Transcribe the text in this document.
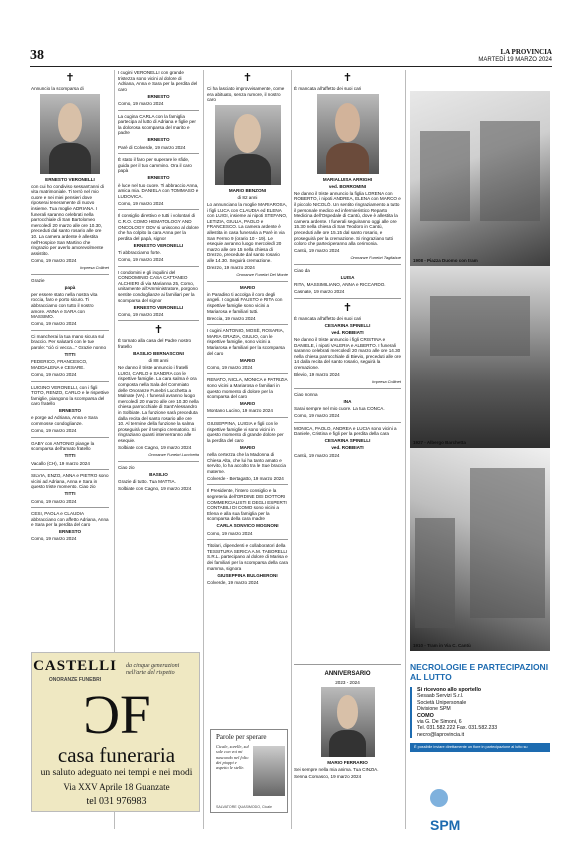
38	LA PROVINCIA
MARTEDÌ 19 MARZO 2024
✝

Annuncio la scomparsa di

ERNESTO VERONELLI

con cui ho condiviso sessant'anni di vita matrimoniale. Ti terrò nel mio cuore e nei miei pensieri dove riposerai teneramente di nuovo insieme. Tua moglie ADRIANA. I funerali saranno celebrati nella parrocchiale di San Bartolomeo mercoledì 20 marzo alle ore 10.30, preceduti dal santo rosario alle ore 10. La camera ardente è allestita nell'Hospice San Martino che ringrazio per averlo amorevolmente assistito.

Como, 19 marzo 2024

Impresa Collinet

Grazie

papà

per essere stato nella nostra vita roccia, faro e porto sicuro. Ti abbracciamo con tutto il nostro amore. ANNA e SARA con MASSIMO.

Como, 19 marzo 2024

Ci mancherai la tua mano sicura sul braccio. Per salutarti con le tue parole: "ciò ci vecca..." Grazie nonno

TITTI

FEDERICO, FRANCESCO, MADDALENA e CESARE.

Como, 19 marzo 2024

LUIGINO VERONELLI, con i figli TOTO, RENZO, CARLO e le rispettive famiglie, piangono la scomparsa del caro fratello

ERNESTO

e porge ad Adriana, Anna e Sara commosse condoglianze.

Como, 19 marzo 2024

GABY con ANTONIO piange la scomparsa dell'amato fratello

TITTI

Vacallo (CH), 19 marzo 2024

SILVIA, ENZO, ANNA e PIETRO sono vicini ad Adriana, Anna e Sara in questo triste momento. Ciao zio

TITTI

Como, 19 marzo 2024

CESI, PAOLA e CLAUDIA abbracciano con affetto Adriana, Anna e Sara per la perdita del caro

ERNESTO

Como, 19 marzo 2024

I cugini VERONELLI con grande tristezza sono vicini al dolore di Adriana, Anna e Sara per la perdita del caro

ERNESTO

Como, 19 marzo 2024

La cugina CARLA con la famiglia partecipa al lutto di Adriana e figlie per la dolorosa scomparsa del marito e padre

ERNESTO

Parè di Colverde, 19 marzo 2024

È stato il faro per superare le sfide, guida per il tuo cammino. Ora il caro papà

ERNESTO

è luce nel tuo cuore. Ti abbraccio Anna, amica mia. DANIELA con TOMMASO e LUDOVICA.

Como, 19 marzo 2024

Il consiglio direttivo e tutti i volontari di C.R.O. COMO HEMATOLOGY AND ONCOLOGY ODV si uniscono al dolore che ha colpito la cara Anna per la perdita del papà, signor

ERNESTO VERONELLI

Ti abbracciamo forte.

Como, 19 marzo 2024

I condomini e gli inquilini del CONDOMINIO CASA CATTANEO ALCHIERI di via Marianna 25, Como, unitamente all'Amministratore, porgono sentite condoglianze ai familiari per la scomparsa del signor

ERNESTO VERONELLI

Como, 19 marzo 2024

✝

È tornato alla casa del Padre nostro fratello

BASILIO BERNASCONI

di 88 anni

Ne danno il triste annuncio i fratelli LUIGI, CARLO e SANDRA con le rispettive famiglie. La cara salma è ora composta nella Sala del Commiato delle Onoranze Funebri Lucchetta a Malnate (VA). I funerali avranno luogo mercoledì 20 marzo alle ore 10.30 nella chiesa parrocchiale di Sant'Alessandro in Solbiate. La funzione sarà preceduta dalla recita del santo rosario alle ore 10. Al termine della funzione la salma proseguirà per il tempio crematorio. Si ringraziano quanti interverranno alle esequie.

Solbiate con Cagno, 19 marzo 2024

Onoranze Funebri Lucchetta

Ciao zio

BASILIO

Grazie di tutto. Tua MATTIA.

Solbiate con Cagno, 19 marzo 2024

✝

Ci ha lasciato improvvisamente, come era abituato, senza rumore, il nostro caro

MARIO BENZONI

di 82 anni

Lo annunciano la moglie MARIAROSA, i figli LUCA con CLAUDIA ed ELENA con LUIGI, insieme ai nipoti STEFANO, LETIZIA, GIULIA, PAOLO e FRANCESCO. La camera ardente è allestita in casa funeraria a Parè in via San Fermo 9 (orario 10 - 19). Le esequie avranno luogo mercoledì 20 marzo alle ore 15 nella chiesa di Drezzo, precedute dal santo rosario alle 14.30. Seguirà cremazione.

Drezzo, 19 marzo 2024

Onoranze Funebri Del Monte

MARIO

in Paradiso ti accolga il coro degli angeli. I cognati FAUSTO e RITA con rispettive famiglie sono vicini a Mariarosa e familiari tutti.

Breccia, 19 marzo 2024

I cugini ANTONIO, MOSÈ, ROSARIA, MARIA GRAZIA, GIULIO, con le rispettive famiglie, sono vicini a Mariarosa e familiari per la scomparsa del caro

MARIO

Como, 19 marzo 2024

RENATO, NICLA, MONICA e PATRIZIA sono vicini a Mariarosa e familiari in questo momento di dolore per la scomparsa del caro

MARIO

Montano Lucino, 19 marzo 2024

GIUSEPPINA, LUIGIA e figli con le rispettive famiglie vi sono vicini in questo momento di grande dolore per la perdita del caro

MARIO

nella certezza che la Madonna di Chiesa Alta, che lui ha tanto amato e servito, lo ha accolto tra le Sue braccia materne.

Colverde - Bertagatto, 19 marzo 2024

Il Presidente, l'intero consiglio e la segreteria dell'ORDINE DEI DOTTORI COMMERCIALISTI E DEGLI ESPERTI CONTABILI DI COMO sono vicini a Elena e alla sua famiglia per la scomparsa della cara madre

CARLA SONVICO MOGNONI

Como, 19 marzo 2024

Titolari, dipendenti e collaboratori della TESSITURA SERICA A.M. TABORELLI S.R.L. partecipano al dolore di Marisa e dei familiari per la scomparsa della cara mamma, signora

GIUSEPPINA BULGHERONI

Colverde, 19 marzo 2024

✝

È mancata all'affetto dei suoi cari

MARIALUISA ARRIGHI

ved. BORROMINI

Ne danno il triste annuncio la figlia LORENA con ROBERTO, i nipoti ANDREA, ELENA con MARCO e il piccolo NICOLÒ. Un sentito ringraziamento a tutto il personale medico ed infermieristico Reparto Medicina dell'Ospedale di Cantù, dove è allestita la camera ardente. I funerali seguiranno oggi alle ore 15.30 nella chiesa di San Teodoro in Cantù, preceduti alle ore 15.15 dal santo rosario, e proseguirà per la cremazione. Si ringraziano tutti coloro che parteciperanno alla cerimonia.

Cantù, 19 marzo 2024

Onoranze Funebri Tagliabue

Ciao da

LUISA

RITA, MASSIMILIANO, ANNA e RICCARDO.

Casnate, 19 marzo 2024

✝

È mancata all'affetto dei suoi cari

CESARINA SPINELLI

ved. ROBBIATI

Ne danno il triste annuncio i figli CRISTINA e DANIELE, i nipoti VALERIA e ALBERTO. I funerali saranno celebrati mercoledì 20 marzo alle ore 14.30 nella chiesa parrocchiale di Bievio, preceduti alle ore 14 dalla recita del santo rosario, seguirà la cremazione.

Blevio, 19 marzo 2024

Impresa Collinet

Ciao nonna

INA

Sarai sempre nel mio cuore. La tua CONCA.

Como, 19 marzo 2024

MONICA, PAOLO, ANDREA e LUCIA sono vicini a Daniele, Cristina e figli per la perdita della cara

CESARINA SPINELLI

ved. ROBBIATI

Cantù, 19 marzo 2024

ANNIVERSARIO

2023 - 2024

MARIO FERRARIO

Sei sempre nella mia anima. Tua CINZIA.

Senna Comasco, 19 marzo 2024

CASTELLI
ONORANZE FUNEBRI
da cinque generazioni nell'arte del rispetto
ϽF
casa funeraria
un saluto adeguato nei tempi e nei modi
Via XXV Aprile 18 Guanzate
tel 031 976983
Parole per sperare
Cicale, sorelle, sul sole con voi mi nascondo nel folto dei pioppi e aspetto le stelle.
SALVATORE QUASIMODO, Cicale
1908 - Piazza Duomo con tram
1927 - Albergo Barchetta
1910 - Tram in Via C. Cantù
NECROLOGIE E PARTECIPAZIONI AL LUTTO
Si ricevono allo sportello
Sesaab Servizi S.r.l.
Società Unipersonale
Divisione SPM
COMO
via G. De Simoni, 6
Tel. 031.582.222 Fax. 031.582.233
necro@laprovincia.it
È possibile inviare direttamente un fiore in partecipazione al lutto su
SPM
